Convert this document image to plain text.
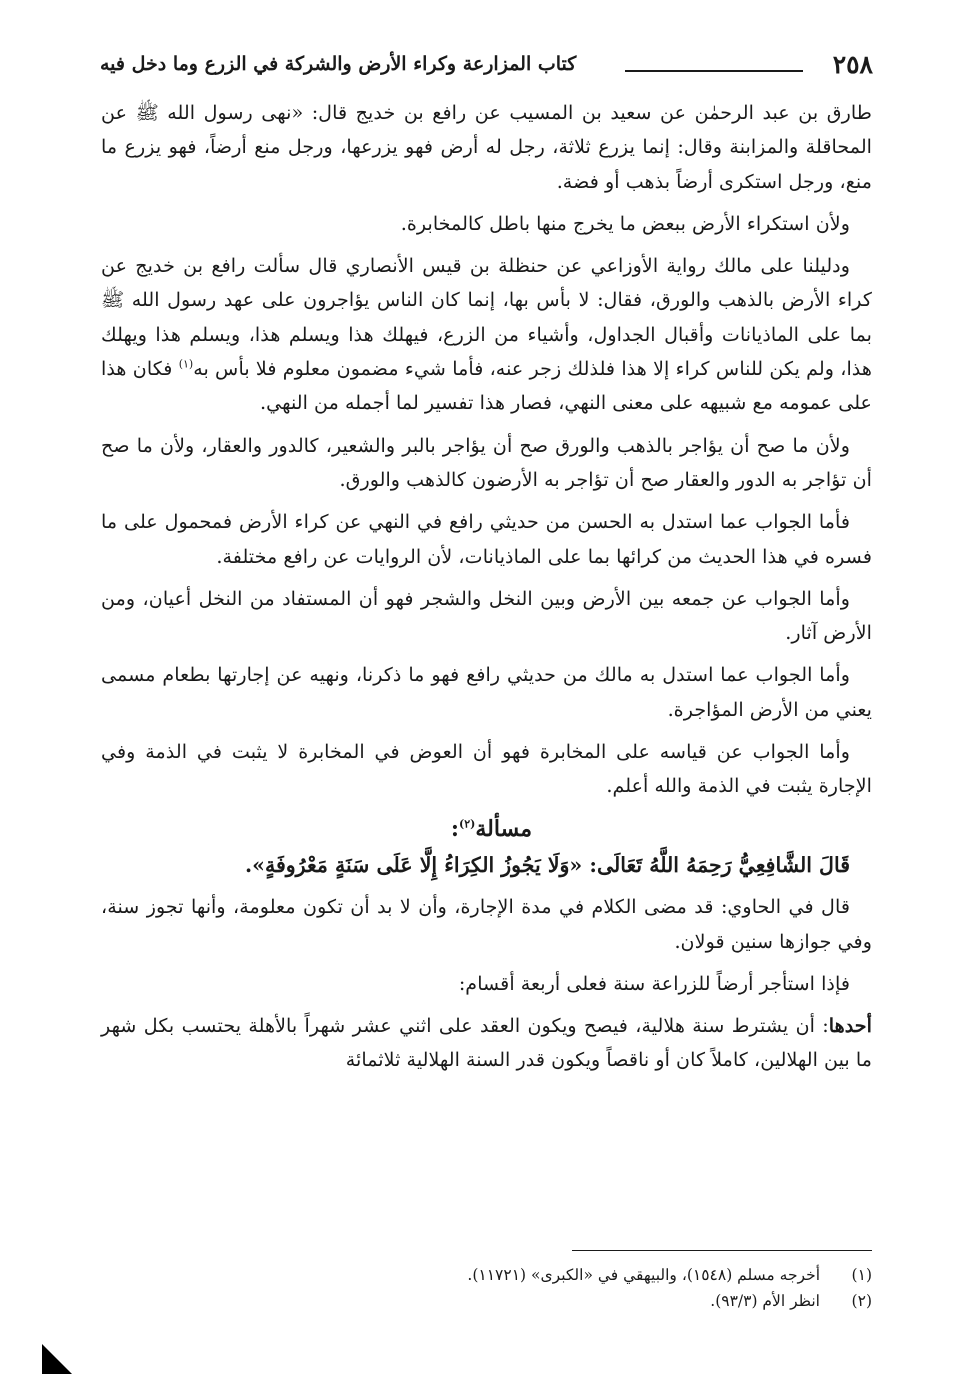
٢٥٨
كتاب المزارعة وكراء الأرض والشركة في الزرع وما دخل فيه

طارق بن عبد الرحمٰن عن سعيد بن المسيب عن رافع بن خديج قال: «نهى رسول الله ﷺ عن المحاقلة والمزابنة وقال: إنما يزرع ثلاثة، رجل له أرض فهو يزرعها، ورجل منع أرضاً، فهو يزرع ما منع، ورجل استكرى أرضاً بذهب أو فضة.

ولأن استكراء الأرض ببعض ما يخرج منها باطل كالمخابرة.

ودليلنا على مالك رواية الأوزاعي عن حنظلة بن قيس الأنصاري قال سألت رافع بن خديج عن كراء الأرض بالذهب والورق، فقال: لا بأس بها، إنما كان الناس يؤاجرون على عهد رسول الله ﷺ بما على الماذيانات وأقبال الجداول، وأشياء من الزرع، فيهلك هذا ويسلم هذا، ويسلم هذا ويهلك هذا، ولم يكن للناس كراء إلا هذا فلذلك زجر عنه، فأما شيء مضمون معلوم فلا بأس به$^{(١)}$ فكان هذا على عمومه مع شبيهه على معنى النهي، فصار هذا تفسير لما أجمله من النهي.

ولأن ما صح أن يؤاجر بالذهب والورق صح أن يؤاجر بالبر والشعير، كالدور والعقار، ولأن ما صح أن تؤاجر به الدور والعقار صح أن تؤاجر به الأرضون كالذهب والورق.

فأما الجواب عما استدل به الحسن من حديثي رافع في النهي عن كراء الأرض فمحمول على ما فسره في هذا الحديث من كرائها بما على الماذيانات، لأن الروايات عن رافع مختلفة.

وأما الجواب عن جمعه بين الأرض وبين النخل والشجر فهو أن المستفاد من النخل أعيان، ومن الأرض آثار.

وأما الجواب عما استدل به مالك من حديثي رافع فهو ما ذكرنا، ونهيه عن إجارتها بطعام مسمى يعني من الأرض المؤاجرة.

وأما الجواب عن قياسه على المخابرة فهو أن العوض في المخابرة لا يثبت في الذمة وفي الإجارة يثبت في الذمة والله أعلم.

مسألة$^{(٢)}$:

قَالَ الشَّافِعِيُّ رَحِمَهُ اللَّهُ تَعَالَى: «وَلَا يَجُوزُ الكِرَاءُ إِلَّا عَلَى سَنَةٍ مَعْرُوفَةٍ».

قال في الحاوي: قد مضى الكلام في مدة الإجارة، وأن لا بد أن تكون معلومة، وأنها تجوز سنة، وفي جوازها سنين قولان.

فإذا استأجر أرضاً للزراعة سنة فعلى أربعة أقسام:

أحدها: أن يشترط سنة هلالية، فيصح ويكون العقد على اثني عشر شهراً بالأهلة يحتسب بكل شهر ما بين الهلالين، كاملاً كان أو ناقصاً ويكون قدر السنة الهلالية ثلاثمائة

(١)
أخرجه مسلم (١٥٤٨)، والبيهقي في «الكبرى» (١١٧٢١).
(٢)
انظر الأم (٩٣/٣).
